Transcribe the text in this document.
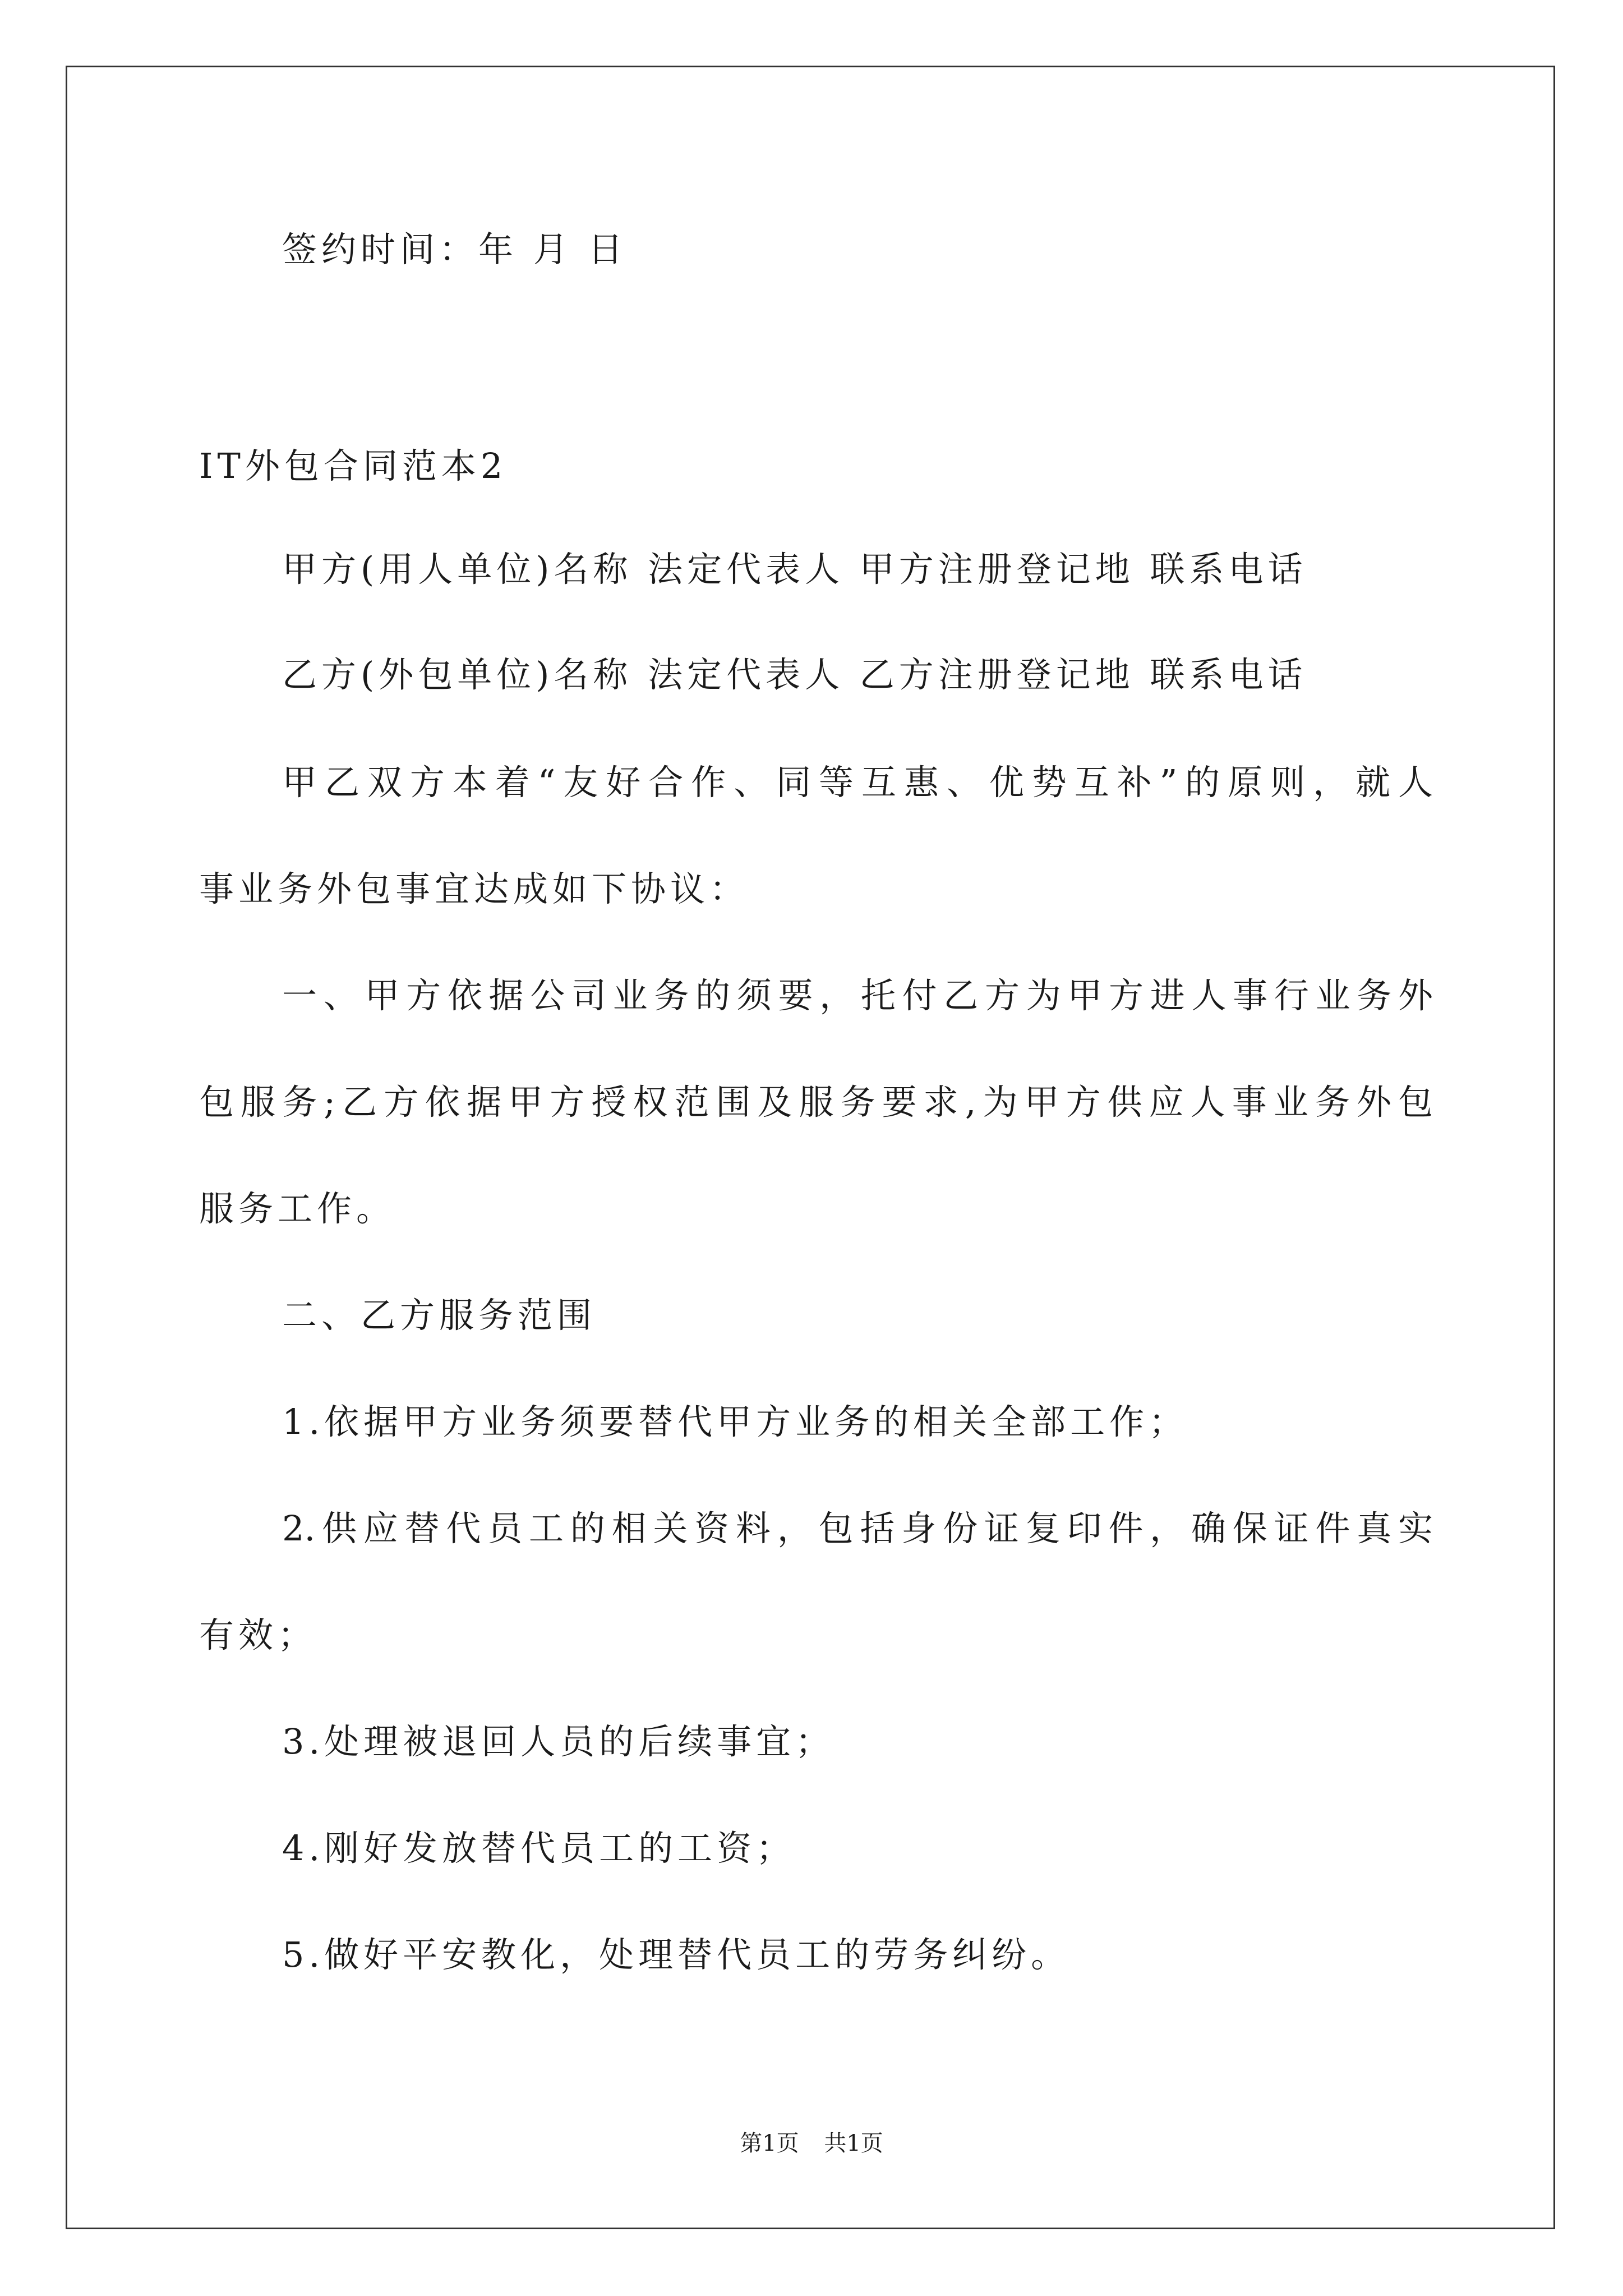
签约时间：年 月 日
IT外包合同范本2
甲方(用人单位)名称 法定代表人 甲方注册登记地 联系电话
乙方(外包单位)名称 法定代表人 乙方注册登记地 联系电话
甲乙双方本着“友好合作、同等互惠、优势互补”的原则，就人
事业务外包事宜达成如下协议：
一、甲方依据公司业务的须要，托付乙方为甲方进人事行业务外
包服务;乙方依据甲方授权范围及服务要求,为甲方供应人事业务外包
服务工作。
二、乙方服务范围
1.依据甲方业务须要替代甲方业务的相关全部工作；
2.供应替代员工的相关资料，包括身份证复印件，确保证件真实
有效；
3.处理被退回人员的后续事宜；
4.刚好发放替代员工的工资；
5.做好平安教化，处理替代员工的劳务纠纷。
第1页 共1页
